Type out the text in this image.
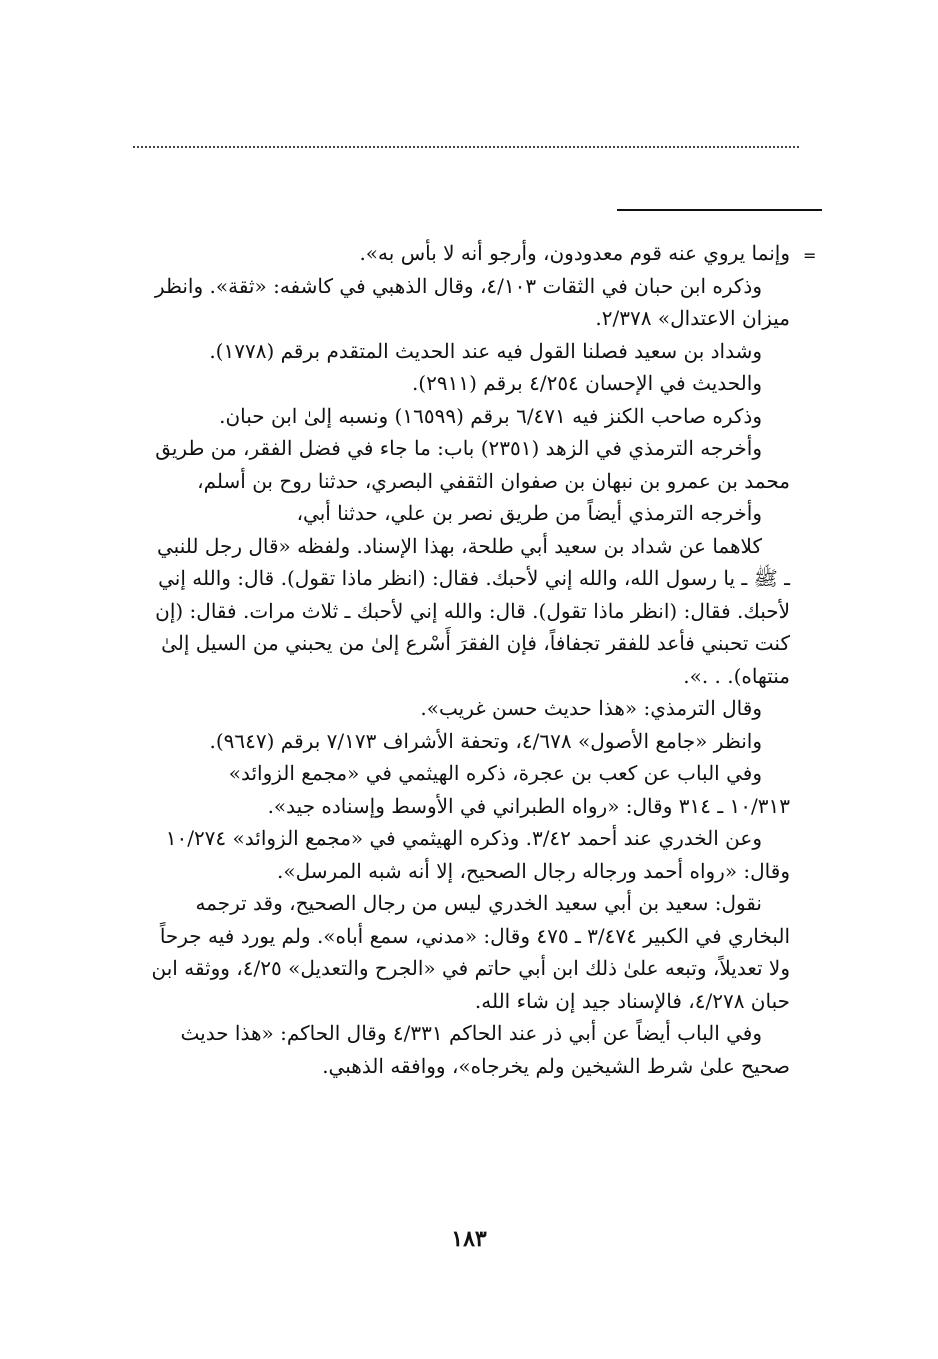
=

وإنما يروي عنه قوم معدودون، وأرجو أنه لا بأس به».

وذكره ابن حبان في الثقات ٤/١٠٣، وقال الذهبي في كاشفه: «ثقة». وانظر

ميزان الاعتدال» ٢/٣٧٨.

وشداد بن سعيد فصلنا القول فيه عند الحديث المتقدم برقم (١٧٧٨).

والحديث في الإحسان ٤/٢٥٤ برقم (٢٩١١).

وذكره صاحب الكنز فيه ٦/٤٧١ برقم (١٦٥٩٩) ونسبه إلىٰ ابن حبان.

وأخرجه الترمذي في الزهد (٢٣٥١) باب: ما جاء في فضل الفقر، من طريق

محمد بن عمرو بن نبهان بن صفوان الثقفي البصري، حدثنا روح بن أسلم،

وأخرجه الترمذي أيضاً من طريق نصر بن علي، حدثنا أبي،

كلاهما عن شداد بن سعيد أبي طلحة، بهذا الإسناد. ولفظه «قال رجل للنبي

ـ ﷺ ـ يا رسول الله، والله إني لأحبك. فقال: (انظر ماذا تقول). قال: والله إني

لأحبك. فقال: (انظر ماذا تقول). قال: والله إني لأحبك ـ ثلاث مرات. فقال: (إن

كنت تحبني فأعد للفقر تجفافاً، فإن الفقرَ أَسْرع إلىٰ من يحبني من السيل إلىٰ

منتهاه). . .».

وقال الترمذي: «هذا حديث حسن غريب».

وانظر «جامع الأصول» ٤/٦٧٨، وتحفة الأشراف ٧/١٧٣ برقم (٩٦٤٧).

وفي الباب عن كعب بن عجرة، ذكره الهيثمي في «مجمع الزوائد»

١٠/٣١٣ ـ ٣١٤ وقال: «رواه الطبراني في الأوسط وإسناده جيد».

وعن الخدري عند أحمد ٣/٤٢. وذكره الهيثمي في «مجمع الزوائد» ١٠/٢٧٤

وقال: «رواه أحمد ورجاله رجال الصحيح، إلا أنه شبه المرسل».

نقول: سعيد بن أبي سعيد الخدري ليس من رجال الصحيح، وقد ترجمه

البخاري في الكبير ٣/٤٧٤ ـ ٤٧٥ وقال: «مدني، سمع أباه». ولم يورد فيه جرحاً

ولا تعديلاً، وتبعه علىٰ ذلك ابن أبي حاتم في «الجرح والتعديل» ٤/٢٥، ووثقه ابن

حبان ٤/٢٧٨، فالإسناد جيد إن شاء الله.

وفي الباب أيضاً عن أبي ذر عند الحاكم ٤/٣٣١ وقال الحاكم: «هذا حديث

صحيح علىٰ شرط الشيخين ولم يخرجاه»، ووافقه الذهبي.

١٨٣
